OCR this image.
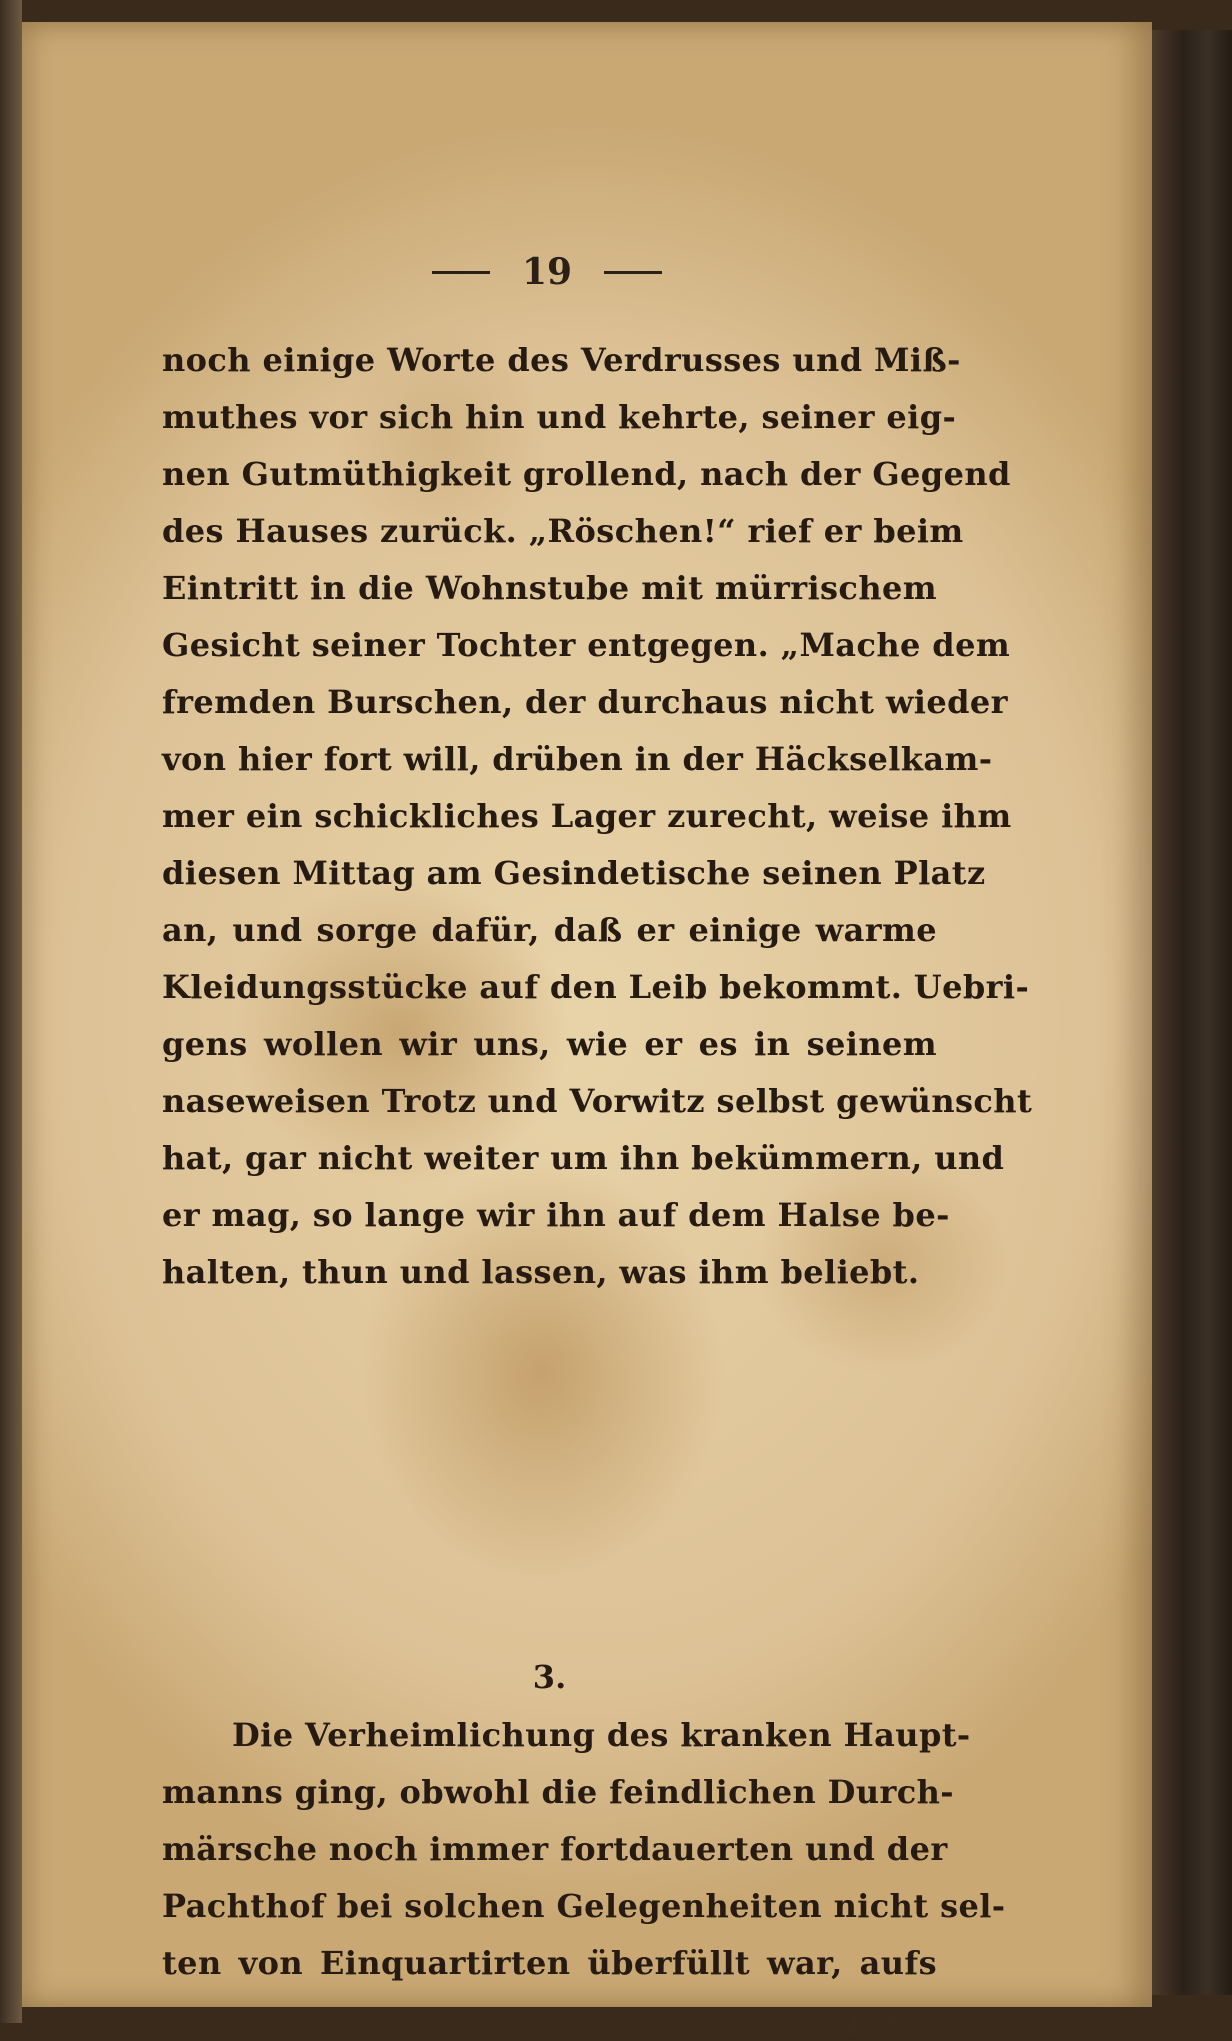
19
noch einige Worte des Verdrusses und Miß-
muthes vor sich hin und kehrte, seiner eig-
nen Gutmüthigkeit grollend, nach der Gegend
des Hauses zurück. „Röschen!“ rief er beim
Eintritt in die Wohnstube mit mürrischem
Gesicht seiner Tochter entgegen. „Mache dem
fremden Burschen, der durchaus nicht wieder
von hier fort will, drüben in der Häckselkam-
mer ein schickliches Lager zurecht, weise ihm
diesen Mittag am Gesindetische seinen Platz
an, und sorge dafür, daß er einige warme
Kleidungsstücke auf den Leib bekommt. Uebri-
gens wollen wir uns, wie er es in seinem
naseweisen Trotz und Vorwitz selbst gewünscht
hat, gar nicht weiter um ihn bekümmern, und
er mag, so lange wir ihn auf dem Halse be-
halten, thun und lassen, was ihm beliebt.
3.
Die Verheimlichung des kranken Haupt-
manns ging, obwohl die feindlichen Durch-
märsche noch immer fortdauerten und der
Pachthof bei solchen Gelegenheiten nicht sel-
ten von Einquartirten überfüllt war, aufs
2 *
